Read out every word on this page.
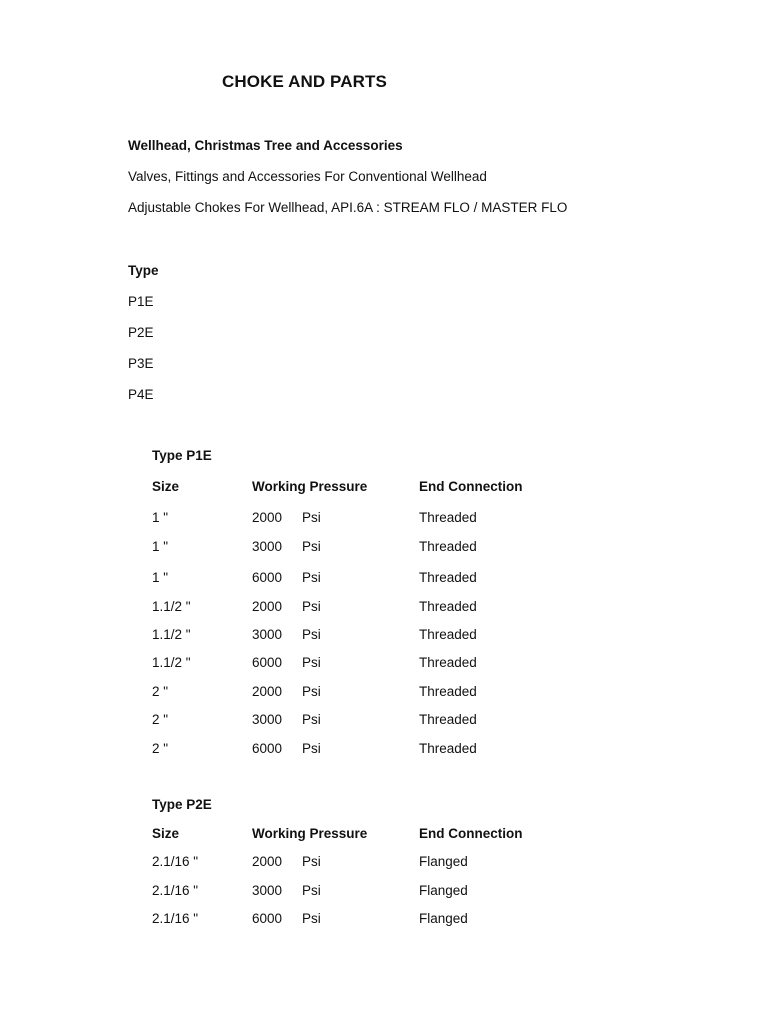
CHOKE AND PARTS
Wellhead, Christmas Tree and Accessories
Valves, Fittings and Accessories For Conventional Wellhead
Adjustable Chokes For Wellhead, API.6A : STREAM FLO / MASTER FLO
Type
P1E
P2E
P3E
P4E
Type P1E
Size	Working Pressure	End Connection
1 "	2000 Psi	Threaded
1 "	3000 Psi	Threaded
1 "	6000 Psi	Threaded
1.1/2 "	2000 Psi	Threaded
1.1/2 "	3000 Psi	Threaded
1.1/2 "	6000 Psi	Threaded
2 "	2000 Psi	Threaded
2 "	3000 Psi	Threaded
2 "	6000 Psi	Threaded
Type P2E
Size	Working Pressure	End Connection
2.1/16 "	2000 Psi	Flanged
2.1/16 "	3000 Psi	Flanged
2.1/16 "	6000 Psi	Flanged
